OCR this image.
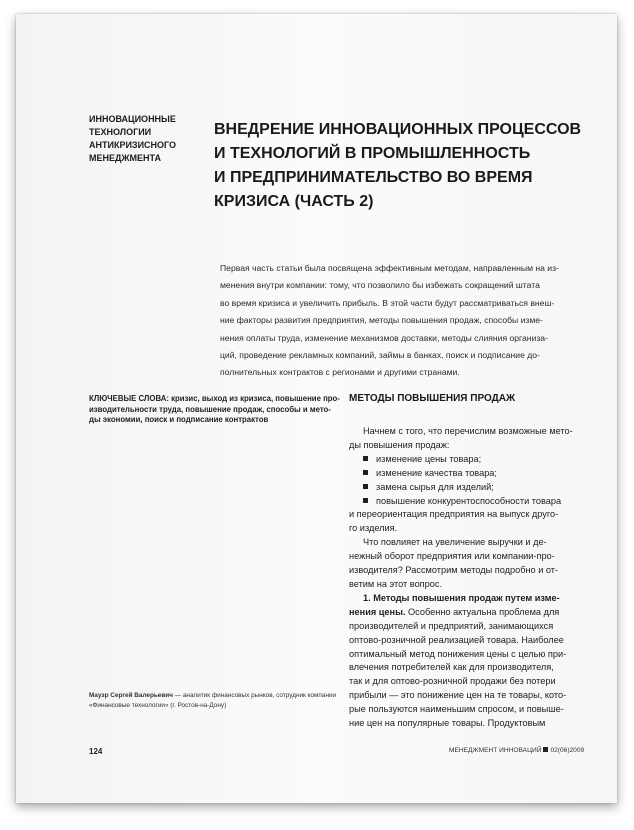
ИННОВАЦИОННЫЕ
ТЕХНОЛОГИИ
АНТИКРИЗИСНОГО
МЕНЕДЖМЕНТА
ВНЕДРЕНИЕ ИННОВАЦИОННЫХ ПРОЦЕССОВ
И ТЕХНОЛОГИЙ В ПРОМЫШЛЕННОСТЬ
И ПРЕДПРИНИМАТЕЛЬСТВО ВО ВРЕМЯ
КРИЗИСА (ЧАСТЬ 2)
Первая часть статьи была посвящена эффективным методам, направленным на из-
менения внутри компании: тому, что позволило бы избежать сокращений штата
во время кризиса и увеличить прибыль. В этой части будут рассматриваться внеш-
ние факторы развития предприятия, методы повышения продаж, способы изме-
нения оплаты труда, изменение механизмов доставки, методы слияния организа-
ций, проведение рекламных компаний, займы в банках, поиск и подписание до-
полнительных контрактов с регионами и другими странами.
КЛЮЧЕВЫЕ СЛОВА: кризис, выход из кризиса, повышение про-
изводительности труда, повышение продаж, способы и мето-
ды экономии, поиск и подписание контрактов
Маузр Сергей Валерьевич — аналитик финансовых рынков, сотрудник компании
«Финансовые технологии» (г. Ростов-на-Дону)
МЕТОДЫ ПОВЫШЕНИЯ ПРОДАЖ
Начнем с того, что перечислим возможные мето-
ды повышения продаж:
изменение цены товара;
изменение качества товара;
замена сырья для изделий;
повышение конкурентоспособности товара
и переориентация предприятия на выпуск друго-
го изделия.
Что повлияет на увеличение выручки и де-
нежный оборот предприятия или компании-про-
изводителя? Рассмотрим методы подробно и от-
ветим на этот вопрос.
1. Методы повышения продаж путем изме-
нения цены. Особенно актуальна проблема для
производителей и предприятий, занимающихся
оптово-розничной реализацией товара. Наиболее
оптимальный метод понижения цены с целью при-
влечения потребителей как для производителя,
так и для оптово-розничной продажи без потери
прибыли — это понижение цен на те товары, кото-
рые пользуются наименьшим спросом, и повыше-
ние цен на популярные товары. Продуктовым
124	МЕНЕДЖМЕНТ ИННОВАЦИЙ 02(06)2009
